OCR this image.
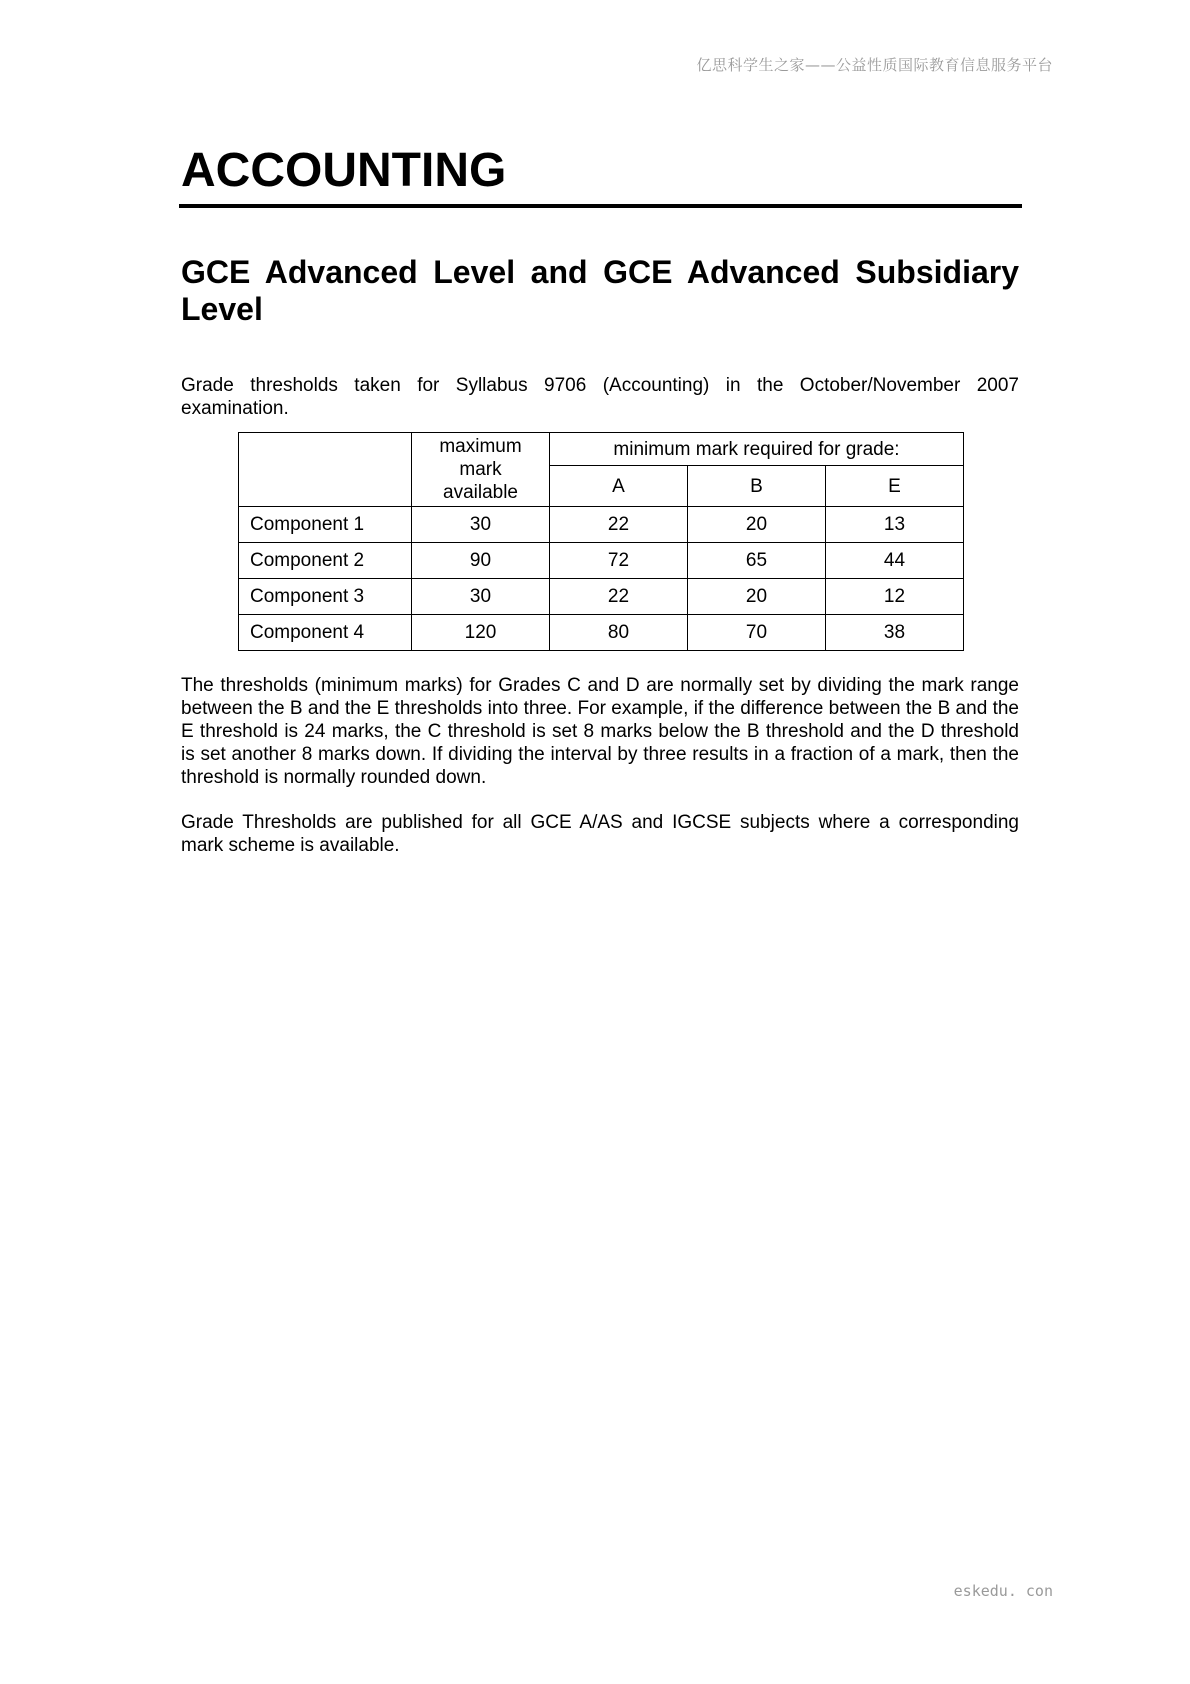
亿思科学生之家——公益性质国际教育信息服务平台
ACCOUNTING
GCE Advanced Level and GCE Advanced Subsidiary Level

Grade thresholds taken for Syllabus 9706 (Accounting) in the October/November 2007 examination.

	maximum mark available	minimum mark required for grade:		
		A	B	E
Component 1	30	22	20	13
Component 2	90	72	65	44
Component 3	30	22	20	12
Component 4	120	80	70	38

The thresholds (minimum marks) for Grades C and D are normally set by dividing the mark range between the B and the E thresholds into three. For example, if the difference between the B and the E threshold is 24 marks, the C threshold is set 8 marks below the B threshold and the D threshold is set another 8 marks down. If dividing the interval by three results in a fraction of a mark, then the threshold is normally rounded down.

Grade Thresholds are published for all GCE A/AS and IGCSE subjects where a corresponding mark scheme is available.

eskedu. con
